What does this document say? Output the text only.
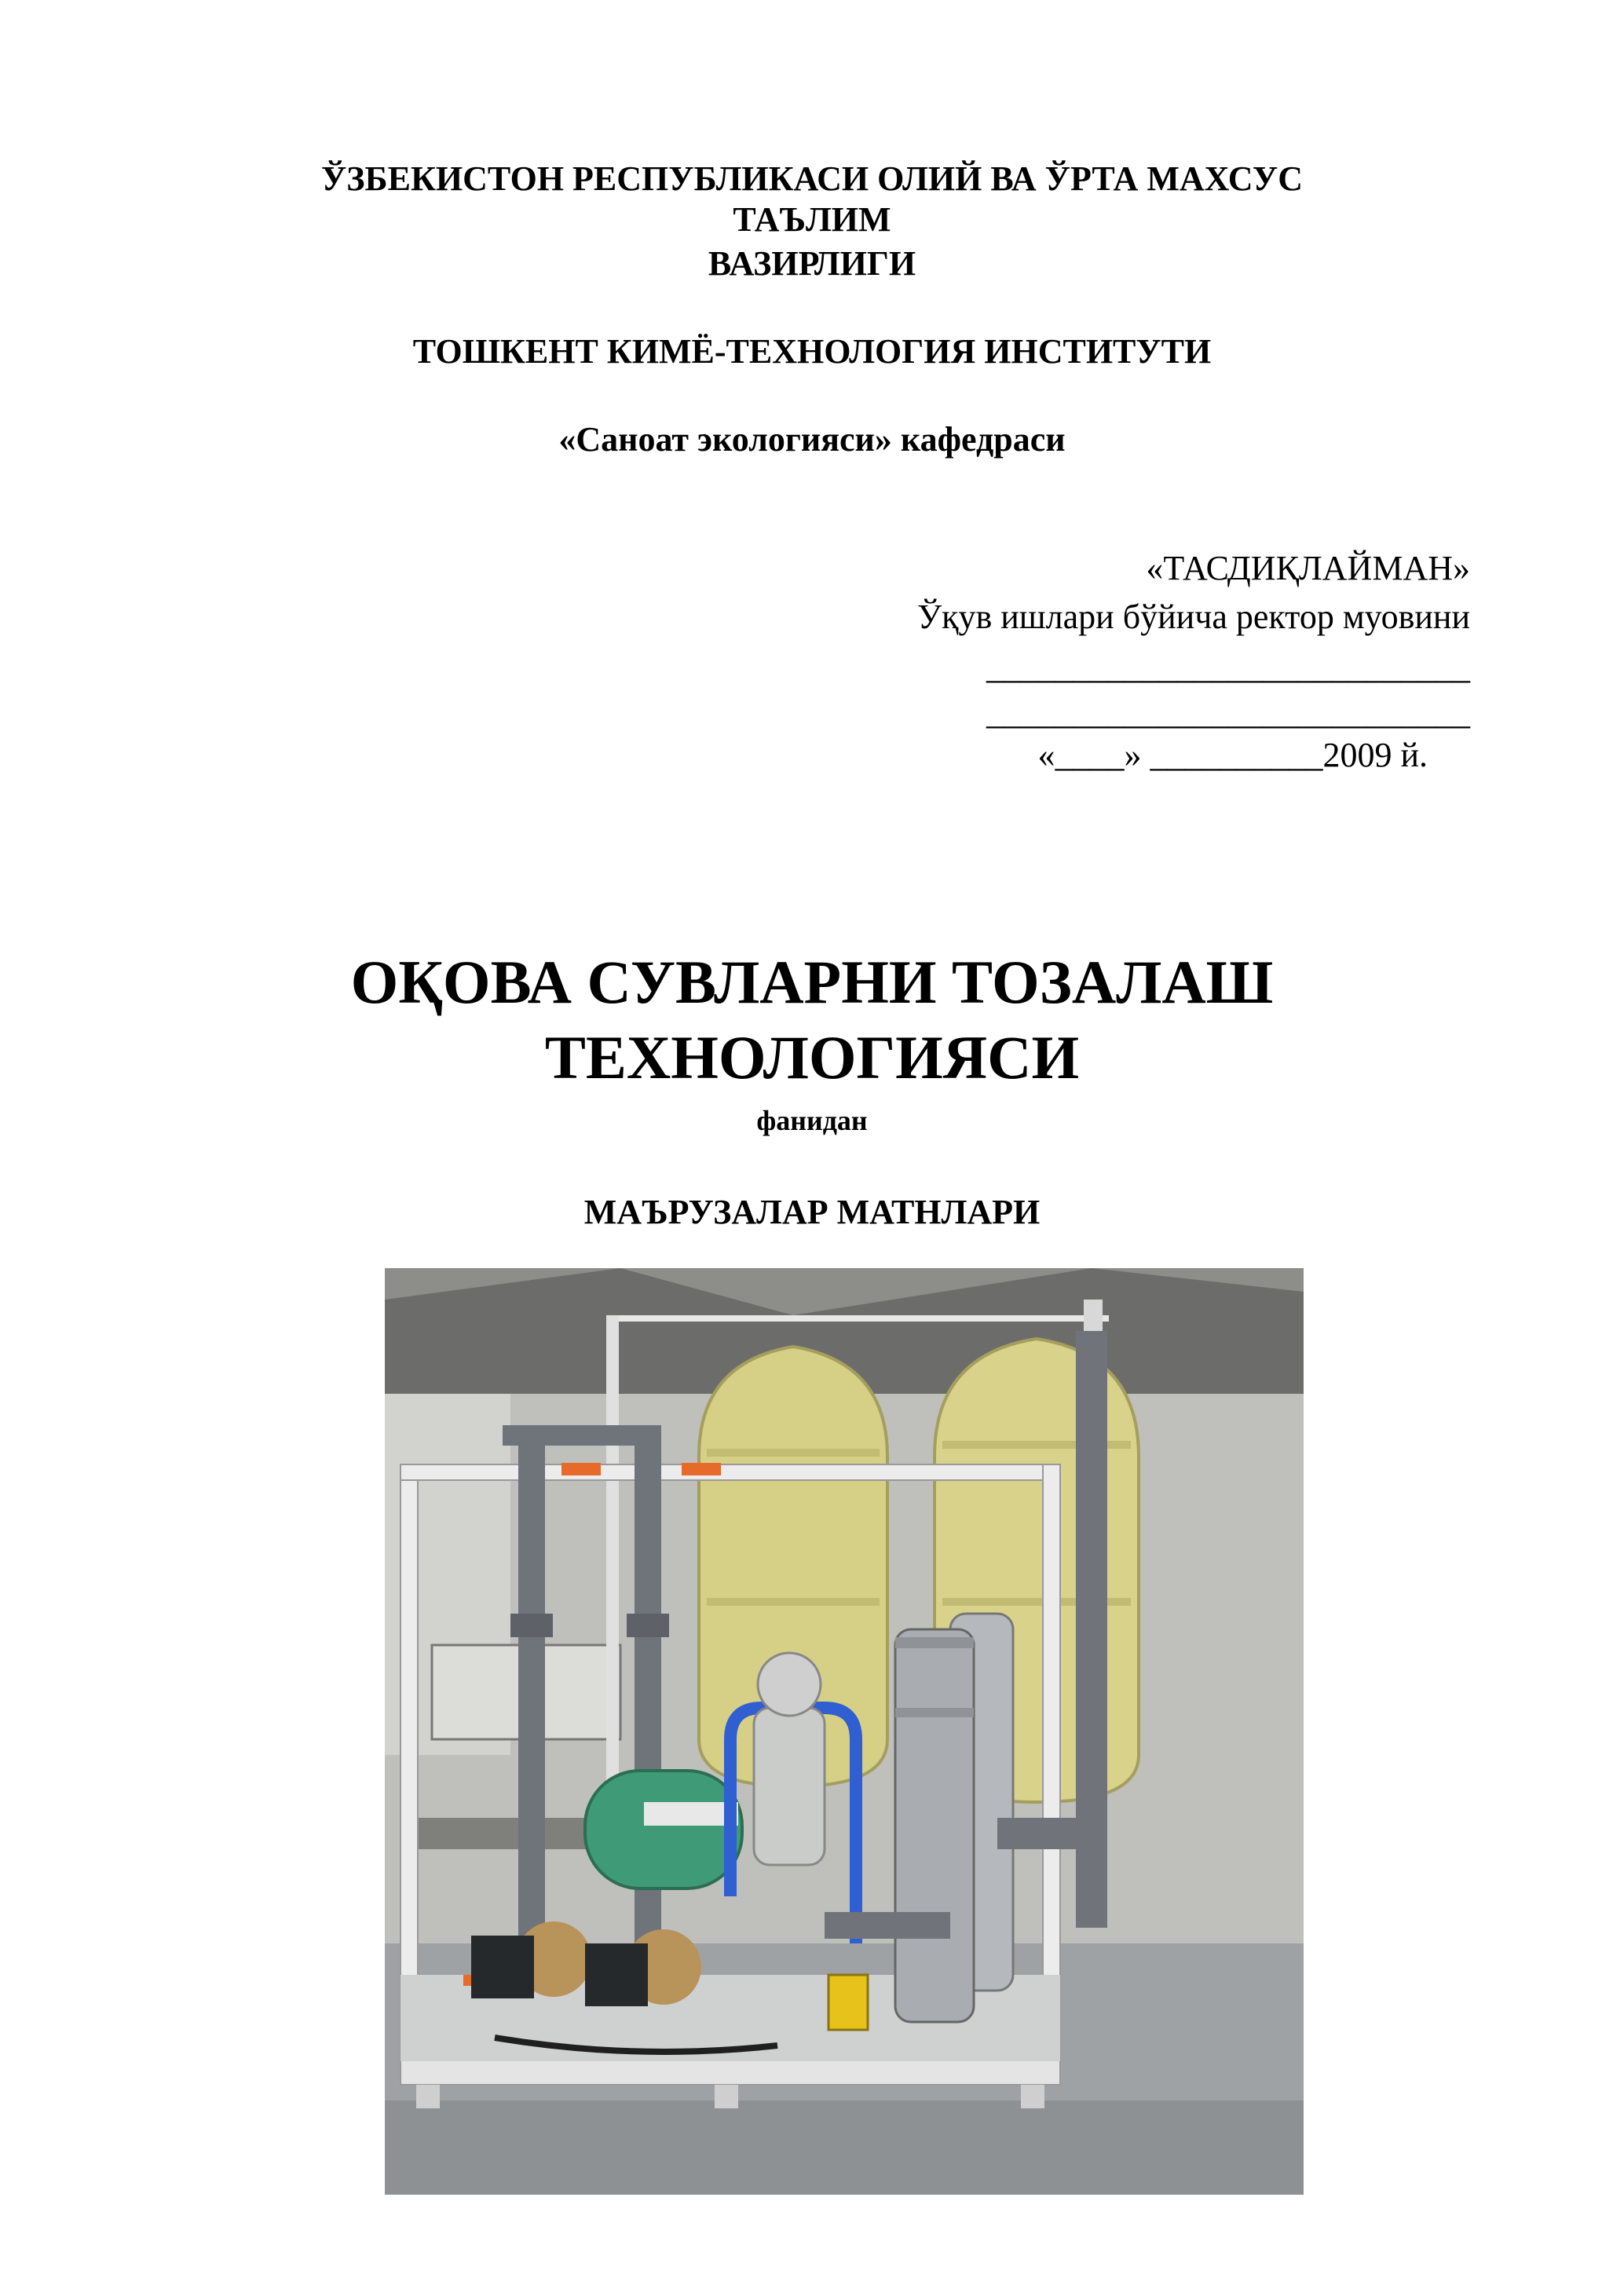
ЎЗБЕКИСТОН РЕСПУБЛИКАСИ ОЛИЙ ВА ЎРТА МАХСУС
ТАЪЛИМ
ВАЗИРЛИГИ
ТОШКЕНТ КИМЁ-ТЕХНОЛОГИЯ ИНСТИТУТИ
«Саноат экологияси» кафедраси
«ТАСДИҚЛАЙМАН»
Ўқув ишлари бўйича ректор муовини
____________________________
____________________________
«____» __________2009 й.
ОҚОВА СУВЛАРНИ ТОЗАЛАШ
ТЕХНОЛОГИЯСИ
фанидан
МАЪРУЗАЛАР МАТНЛАРИ
